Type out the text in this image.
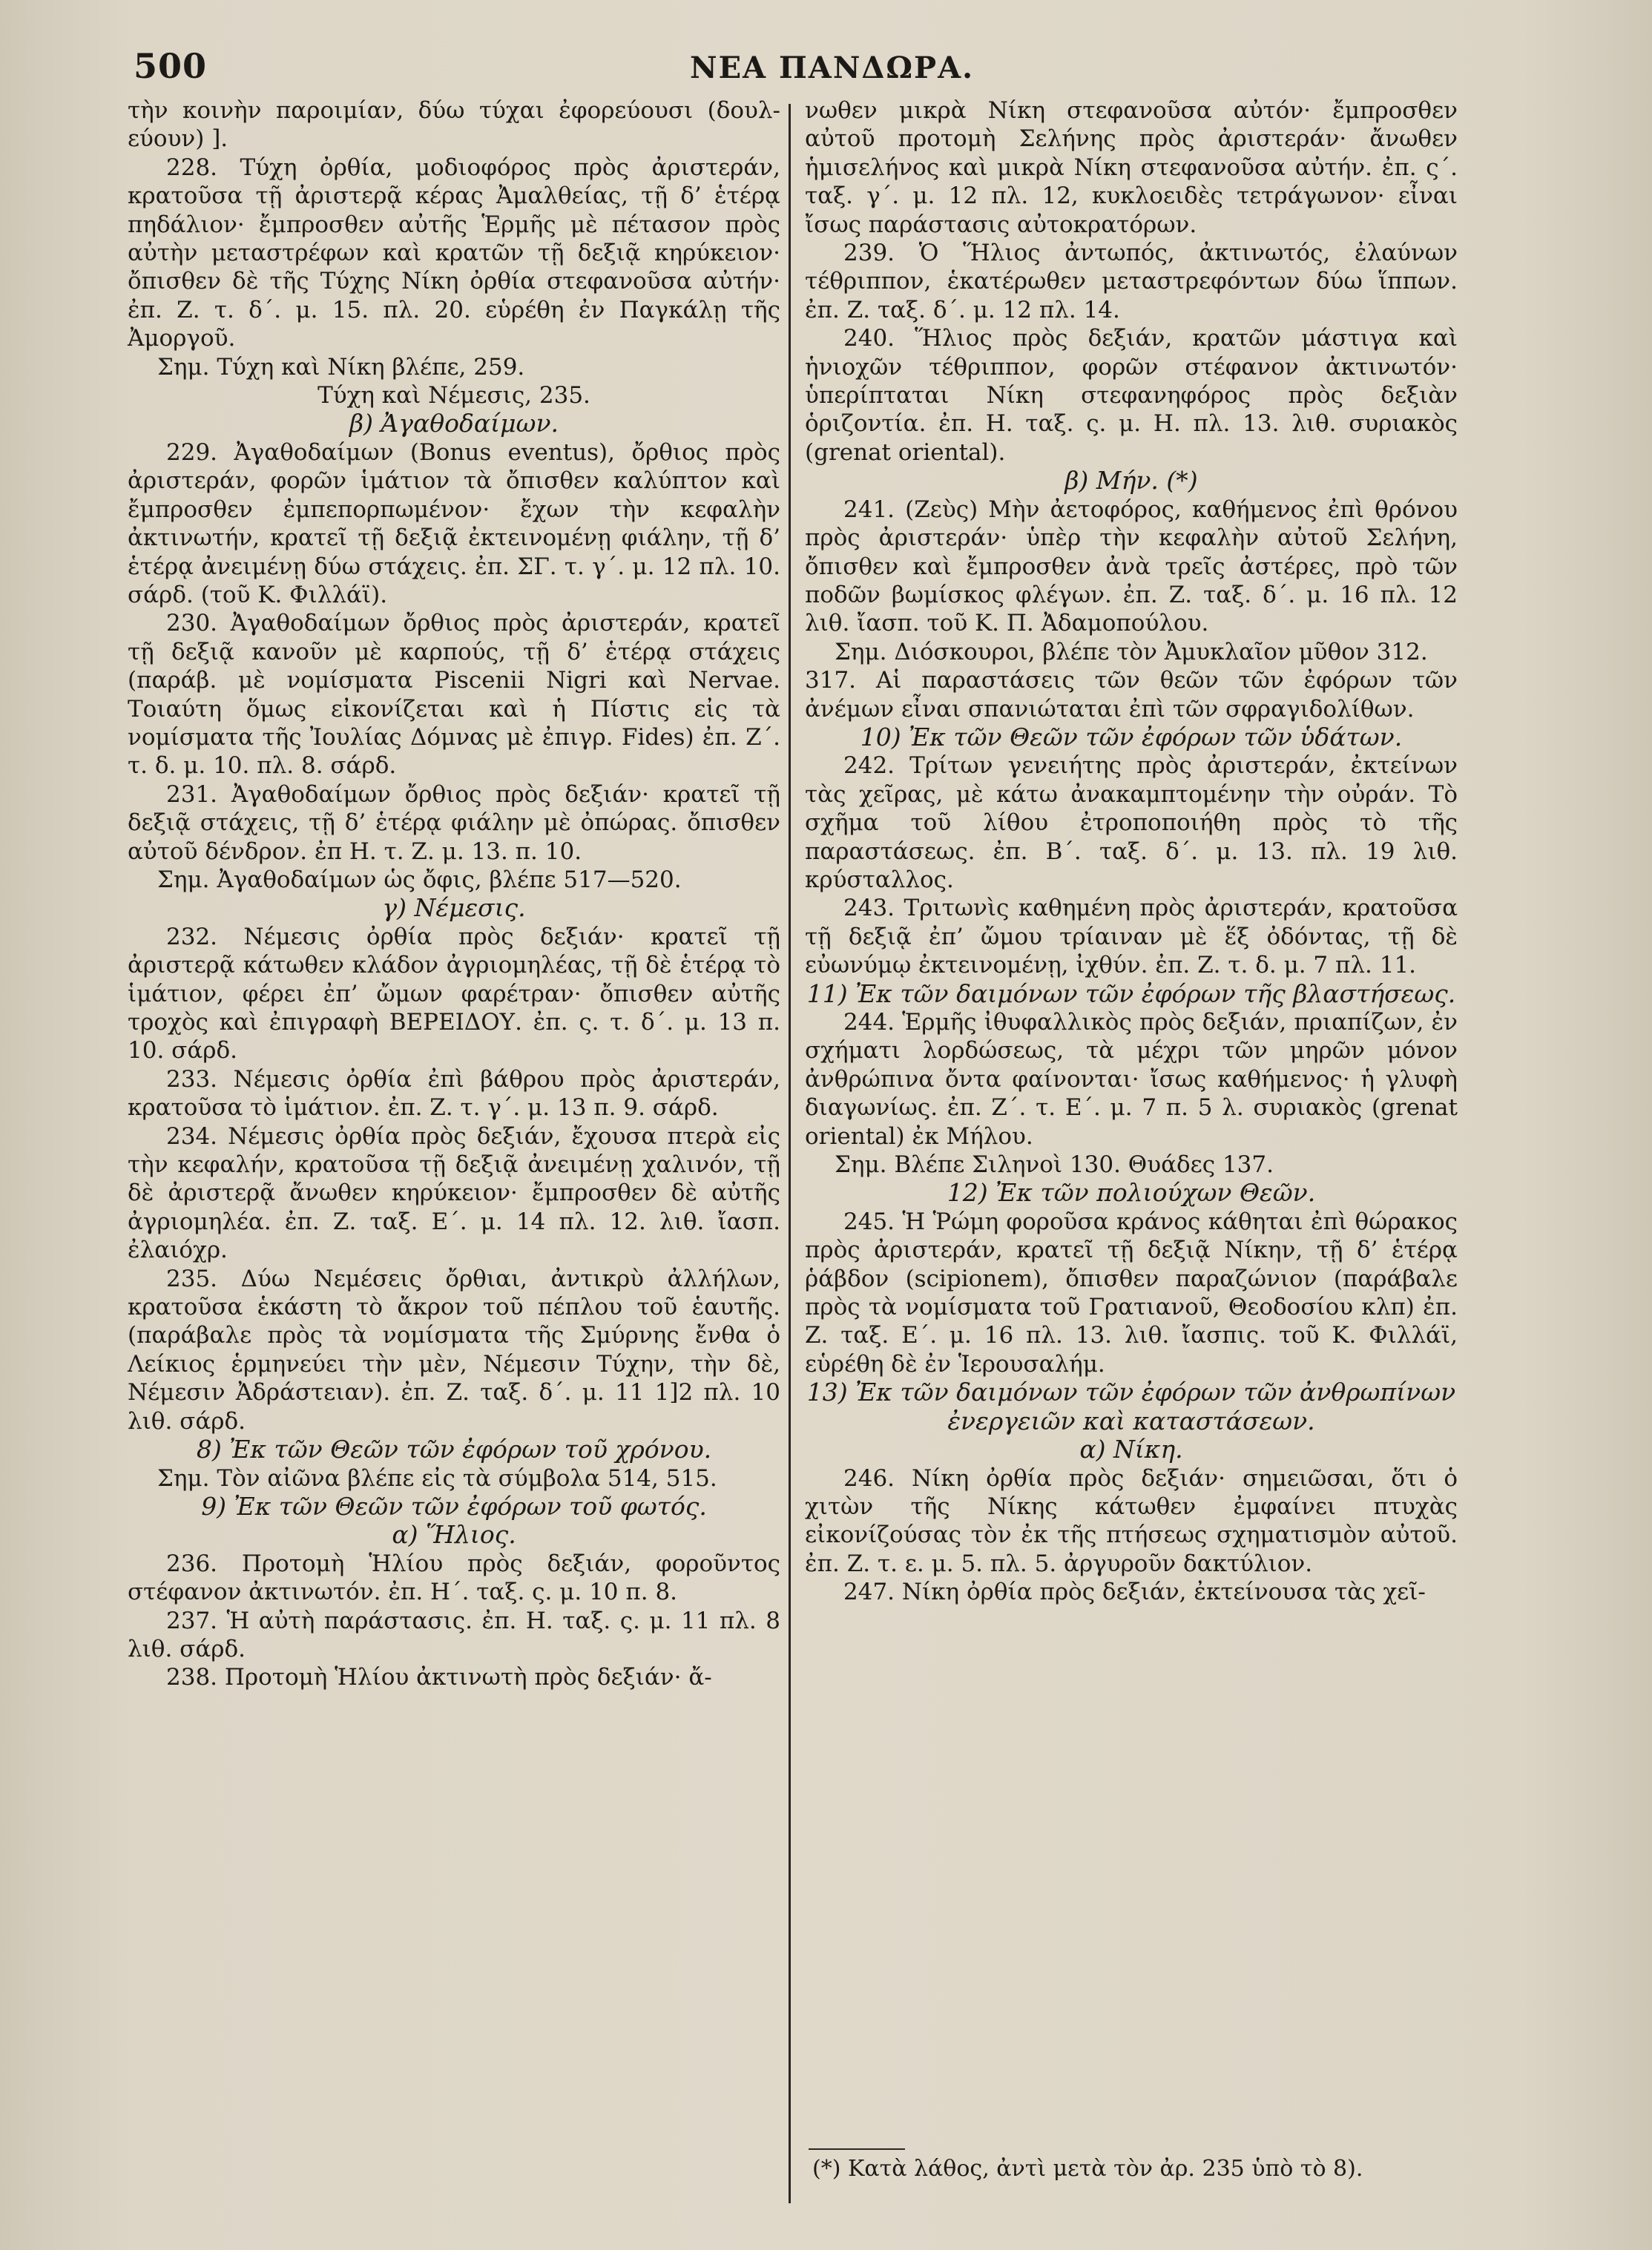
500	ΝΕΑ ΠΑΝΔΩΡΑ.

τὴν κοινὴν παροιμίαν, δύω τύχαι ἐφορεύουσι (δουλ-εύουν) ].

228. Τύχη ὀρθία, μοδιοφόρος πρὸς ἀριστεράν, κρατοῦσα τῇ ἀριστερᾷ κέρας Ἀμαλθείας, τῇ δ’ ἑτέρᾳ πηδάλιον· ἔμπροσθεν αὐτῆς Ἑρμῆς μὲ πέτασον πρὸς αὐτὴν μεταστρέφων καὶ κρατῶν τῇ δεξιᾷ κηρύκειον· ὄπισθεν δὲ τῆς Τύχης Νίκη ὀρθία στεφανοῦσα αὐτήν· ἐπ. Ζ. τ. δ΄. μ. 15. πλ. 20. εὑρέθη ἐν Παγκάλῃ τῆς Ἀμοργοῦ.

Σημ. Τύχη καὶ Νίκη βλέπε, 259.

Τύχη καὶ Νέμεσις, 235.

β) Ἀγαθοδαίμων.

229. Ἀγαθοδαίμων (Bonus eventus), ὄρθιος πρὸς ἀριστεράν, φορῶν ἱμάτιον τὰ ὄπισθεν καλύπτον καὶ ἔμπροσθεν ἐμπεπορπωμένον· ἔχων τὴν κεφαλὴν ἀκτινωτήν, κρατεῖ τῇ δεξιᾷ ἐκτεινομένῃ φιάλην, τῇ δ’ ἑτέρᾳ ἀνειμένῃ δύω στάχεις. ἐπ. ΣΓ. τ. γ΄. μ. 12 πλ. 10. σάρδ. (τοῦ Κ. Φιλλάϊ).

230. Ἀγαθοδαίμων ὄρθιος πρὸς ἀριστεράν, κρατεῖ τῇ δεξιᾷ κανοῦν μὲ καρπούς, τῇ δ’ ἑτέρᾳ στάχεις (παράβ. μὲ νομίσματα Piscenii Nigri καὶ Nervae. Τοιαύτη ὅμως εἰκονίζεται καὶ ἡ Πίστις εἰς τὰ νομίσματα τῆς Ἰουλίας Δόμνας μὲ ἐπιγρ. Fides) ἐπ. Ζ΄. τ. δ. μ. 10. πλ. 8. σάρδ.

231. Ἀγαθοδαίμων ὄρθιος πρὸς δεξιάν· κρατεῖ τῇ δεξιᾷ στάχεις, τῇ δ’ ἑτέρᾳ φιάλην μὲ ὀπώρας. ὄπισθεν αὐτοῦ δένδρον. ἐπ Η. τ. Ζ. μ. 13. π. 10.

Σημ. Ἀγαθοδαίμων ὡς ὄφις, βλέπε 517—520.

γ) Νέμεσις.

232. Νέμεσις ὀρθία πρὸς δεξιάν· κρατεῖ τῇ ἀριστερᾷ κάτωθεν κλάδον ἀγριομηλέας, τῇ δὲ ἑτέρᾳ τὸ ἱμάτιον, φέρει ἐπ’ ὤμων φαρέτραν· ὄπισθεν αὐτῆς τροχὸς καὶ ἐπιγραφὴ ΒΕΡΕΙΔΟΥ. ἐπ. ς. τ. δ΄. μ. 13 π. 10. σάρδ.

233. Νέμεσις ὀρθία ἐπὶ βάθρου πρὸς ἀριστεράν, κρατοῦσα τὸ ἱμάτιον. ἐπ. Ζ. τ. γ΄. μ. 13 π. 9. σάρδ.

234. Νέμεσις ὀρθία πρὸς δεξιάν, ἔχουσα πτερὰ εἰς τὴν κεφαλήν, κρατοῦσα τῇ δεξιᾷ ἀνειμένῃ χαλινόν, τῇ δὲ ἀριστερᾷ ἄνωθεν κηρύκειον· ἔμπροσθεν δὲ αὐτῆς ἀγριομηλέα. ἐπ. Ζ. ταξ. Ε΄. μ. 14 πλ. 12. λιθ. ἴασπ. ἐλαιόχρ.

235. Δύω Νεμέσεις ὄρθιαι, ἀντικρὺ ἀλλήλων, κρατοῦσα ἑκάστη τὸ ἄκρον τοῦ πέπλου τοῦ ἑαυτῆς. (παράβαλε πρὸς τὰ νομίσματα τῆς Σμύρνης ἔνθα ὁ Λείκιος ἑρμηνεύει τὴν μὲν, Νέμεσιν Τύχην, τὴν δὲ, Νέμεσιν Ἀδράστειαν). ἐπ. Ζ. ταξ. δ΄. μ. 11 1]2 πλ. 10 λιθ. σάρδ.

8) Ἐκ τῶν Θεῶν τῶν ἐφόρων τοῦ χρόνου.

Σημ. Τὸν αἰῶνα βλέπε εἰς τὰ σύμβολα 514, 515.

9) Ἐκ τῶν Θεῶν τῶν ἐφόρων τοῦ φωτός.

α) Ἥλιος.

236. Προτομὴ Ἡλίου πρὸς δεξιάν, φοροῦντος στέφανον ἀκτινωτόν. ἐπ. Η΄. ταξ. ς. μ. 10 π. 8.

237. Ἡ αὐτὴ παράστασις. ἐπ. Η. ταξ. ς. μ. 11 πλ. 8 λιθ. σάρδ.

238. Προτομὴ Ἡλίου ἀκτινωτὴ πρὸς δεξιάν· ἄ-

νωθεν μικρὰ Νίκη στεφανοῦσα αὐτόν· ἔμπροσθεν αὐτοῦ προτομὴ Σελήνης πρὸς ἀριστεράν· ἄνωθεν ἡμισελήνος καὶ μικρὰ Νίκη στεφανοῦσα αὐτήν. ἐπ. ς΄. ταξ. γ΄. μ. 12 πλ. 12, κυκλοειδὲς τετράγωνον· εἶναι ἴσως παράστασις αὐτοκρατόρων.

239. Ὁ Ἥλιος ἀντωπός, ἀκτινωτός, ἐλαύνων τέθριππον, ἑκατέρωθεν μεταστρεφόντων δύω ἵππων. ἐπ. Ζ. ταξ. δ΄. μ. 12 πλ. 14.

240. Ἥλιος πρὸς δεξιάν, κρατῶν μάστιγα καὶ ἡνιοχῶν τέθριππον, φορῶν στέφανον ἀκτινωτόν· ὑπερίπταται Νίκη στεφανηφόρος πρὸς δεξιὰν ὁριζοντία. ἐπ. Η. ταξ. ς. μ. Η. πλ. 13. λιθ. συριακὸς (grenat oriental).

β) Μήν. (*)

241. (Ζεὺς) Μὴν ἀετοφόρος, καθήμενος ἐπὶ θρόνου πρὸς ἀριστεράν· ὑπὲρ τὴν κεφαλὴν αὐτοῦ Σελήνη, ὄπισθεν καὶ ἔμπροσθεν ἀνὰ τρεῖς ἀστέρες, πρὸ τῶν ποδῶν βωμίσκος φλέγων. ἐπ. Ζ. ταξ. δ΄. μ. 16 πλ. 12 λιθ. ἴασπ. τοῦ Κ. Π. Ἀδαμοπούλου.

Σημ. Διόσκουροι, βλέπε τὸν Ἀμυκλαῖον μῦθον 312.

317. Αἱ παραστάσεις τῶν θεῶν τῶν ἐφόρων τῶν ἀνέμων εἶναι σπανιώταται ἐπὶ τῶν σφραγιδολίθων.

10) Ἐκ τῶν Θεῶν τῶν ἐφόρων τῶν ὑδάτων.

242. Τρίτων γενειήτης πρὸς ἀριστεράν, ἐκτείνων τὰς χεῖρας, μὲ κάτω ἀνακαμπτομένην τὴν οὐράν. Τὸ σχῆμα τοῦ λίθου ἐτροποποιήθη πρὸς τὸ τῆς παραστάσεως. ἐπ. Β΄. ταξ. δ΄. μ. 13. πλ. 19 λιθ. κρύσταλλος.

243. Τριτωνὶς καθημένη πρὸς ἀριστεράν, κρατοῦσα τῇ δεξιᾷ ἐπ’ ὤμου τρίαιναν μὲ ἕξ ὀδόντας, τῇ δὲ εὐωνύμῳ ἐκτεινομένῃ, ἰχθύν. ἐπ. Ζ. τ. δ. μ. 7 πλ. 11.

11) Ἐκ τῶν δαιμόνων τῶν ἐφόρων τῆς βλαστήσεως.

244. Ἑρμῆς ἰθυφαλλικὸς πρὸς δεξιάν, πριαπίζων, ἐν σχήματι λορδώσεως, τὰ μέχρι τῶν μηρῶν μόνον ἀνθρώπινα ὄντα φαίνονται· ἴσως καθήμενος· ἡ γλυφὴ διαγωνίως. ἐπ. Ζ΄. τ. Ε΄. μ. 7 π. 5 λ. συριακὸς (grenat oriental) ἐκ Μήλου.

Σημ. Βλέπε Σιληνοὶ 130. Θυάδες 137.

12) Ἐκ τῶν πολιούχων Θεῶν.

245. Ἡ Ῥώμη φοροῦσα κράνος κάθηται ἐπὶ θώρακος πρὸς ἀριστεράν, κρατεῖ τῇ δεξιᾷ Νίκην, τῇ δ’ ἑτέρᾳ ῥάβδον (scipionem), ὄπισθεν παραζώνιον (παράβαλε πρὸς τὰ νομίσματα τοῦ Γρατιανοῦ, Θεοδοσίου κλπ) ἐπ. Ζ. ταξ. Ε΄. μ. 16 πλ. 13. λιθ. ἴασπις. τοῦ Κ. Φιλλάϊ, εὑρέθη δὲ ἐν Ἱερουσαλήμ.

13) Ἐκ τῶν δαιμόνων τῶν ἐφόρων τῶν ἀνθρωπίνων ἐνεργειῶν καὶ καταστάσεων.

α) Νίκη.

246. Νίκη ὀρθία πρὸς δεξιάν· σημειῶσαι, ὅτι ὁ χιτὼν τῆς Νίκης κάτωθεν ἐμφαίνει πτυχὰς εἰκονίζούσας τὸν ἐκ τῆς πτήσεως σχηματισμὸν αὐτοῦ. ἐπ. Ζ. τ. ε. μ. 5. πλ. 5. ἀργυροῦν δακτύλιον.

247. Νίκη ὀρθία πρὸς δεξιάν, ἐκτείνουσα τὰς χεῖ-

(*) Κατὰ λάθος, ἀντὶ μετὰ τὸν ἀρ. 235 ὑπὸ τὸ 8).
